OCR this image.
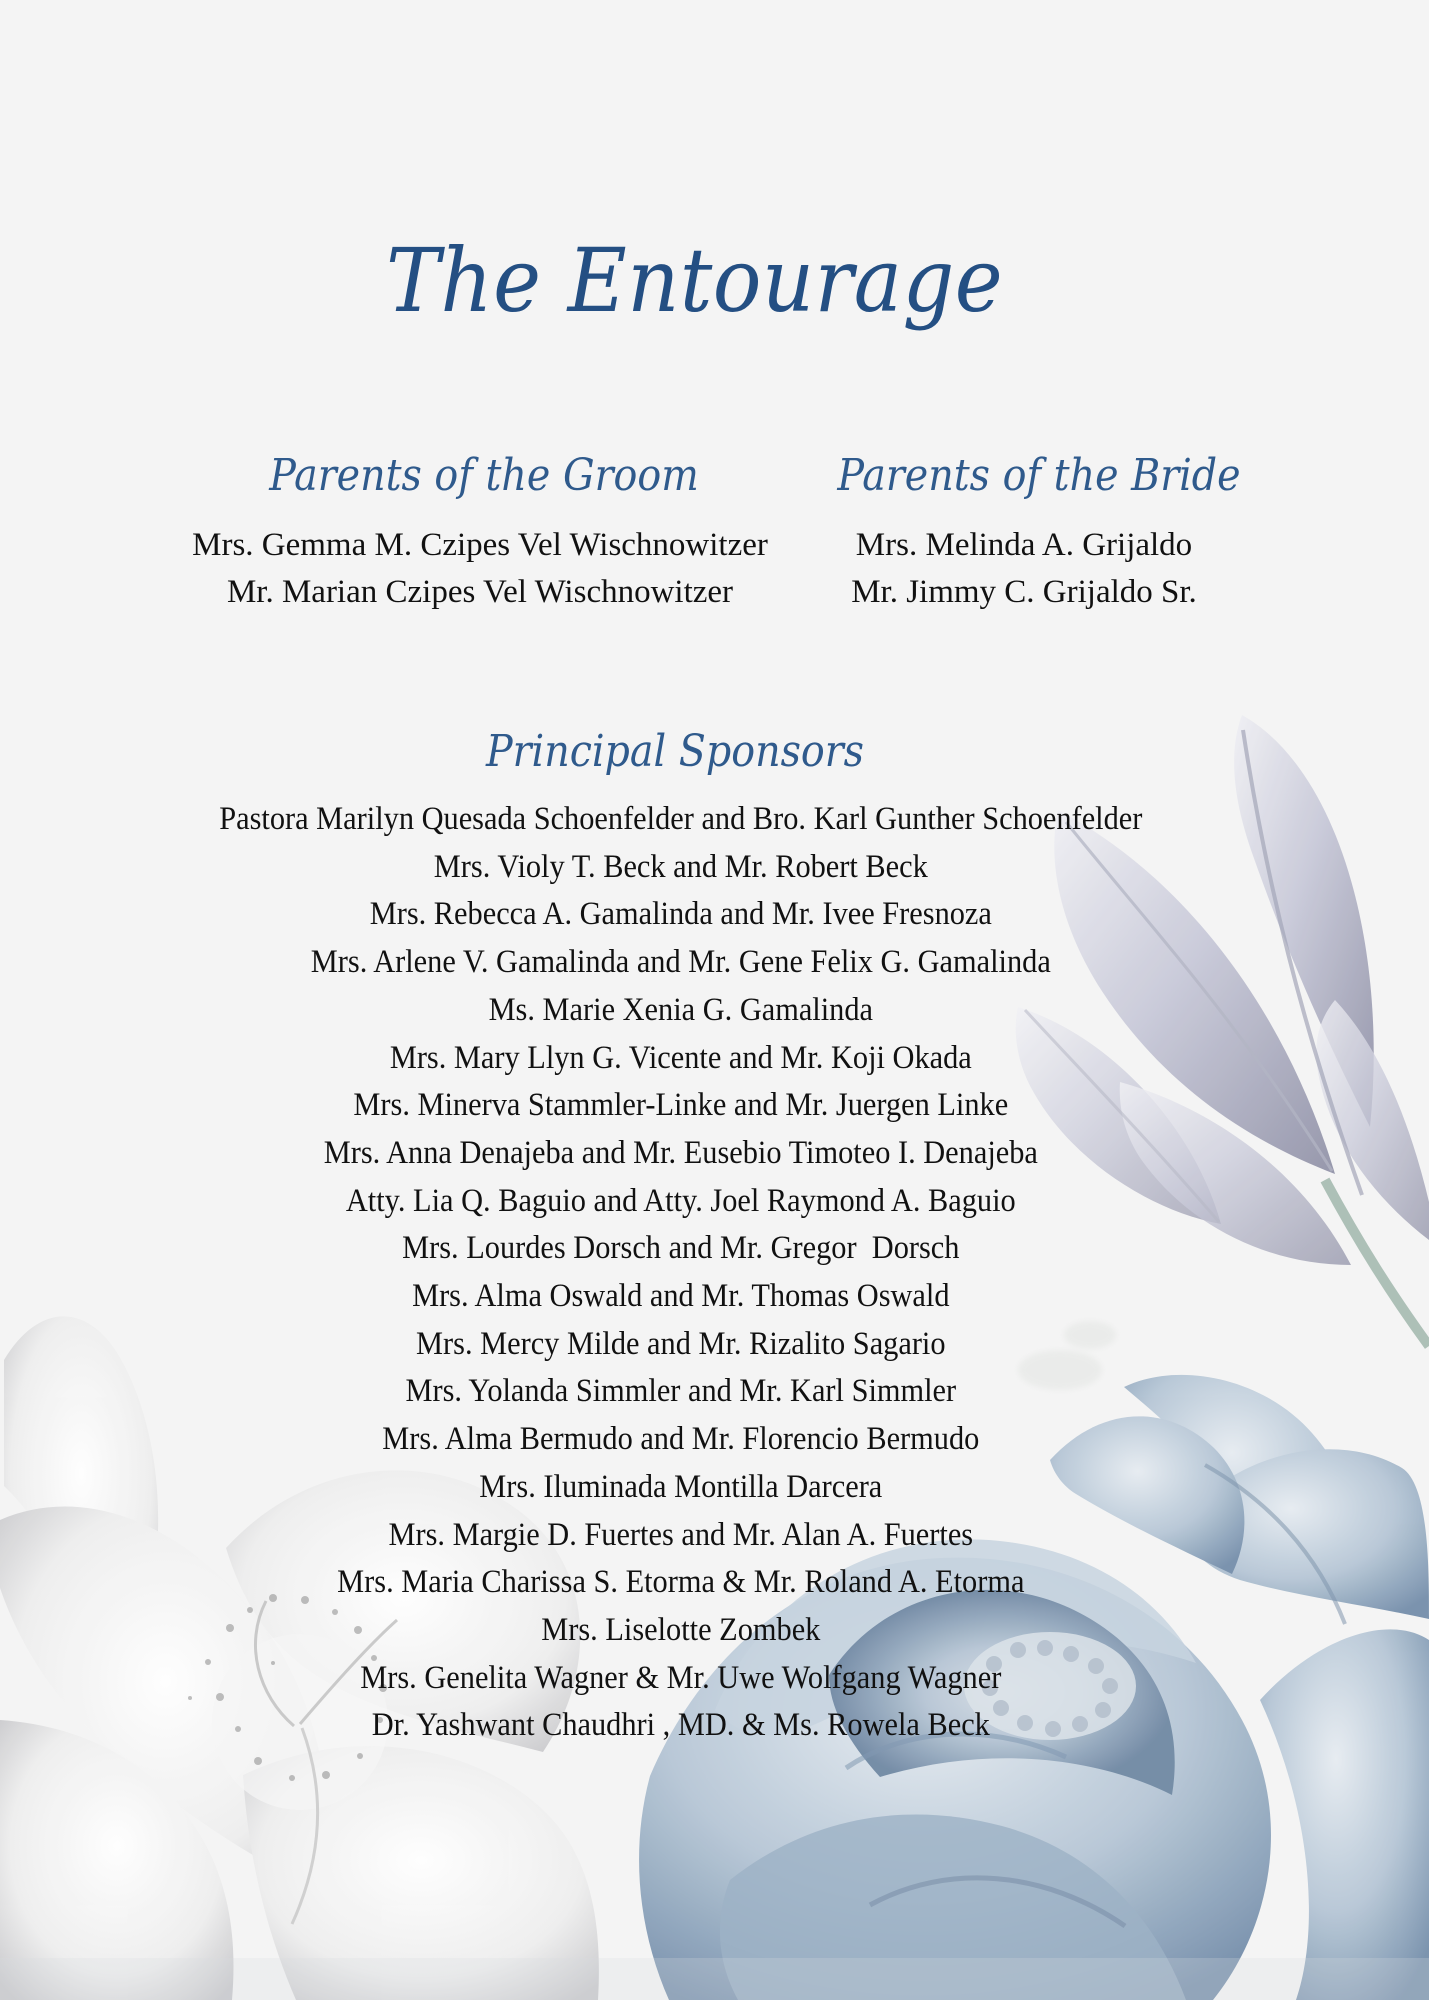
The Entourage
Parents of the Groom
Mrs. Gemma M. Czipes Vel Wischnowitzer
Mr. Marian Czipes Vel Wischnowitzer
Parents of the Bride
Mrs. Melinda A. Grijaldo
Mr. Jimmy C. Grijaldo Sr.
Principal Sponsors
Pastora Marilyn Quesada Schoenfelder and Bro. Karl Gunther Schoenfelder
Mrs. Violy T. Beck and Mr. Robert Beck
Mrs. Rebecca A. Gamalinda and Mr. Ivee Fresnoza
Mrs. Arlene V. Gamalinda and Mr. Gene Felix G. Gamalinda
Ms. Marie Xenia G. Gamalinda
Mrs. Mary Llyn G. Vicente and Mr. Koji Okada
Mrs. Minerva Stammler-Linke and Mr. Juergen Linke
Mrs. Anna Denajeba and Mr. Eusebio Timoteo I. Denajeba
Atty. Lia Q. Baguio and Atty. Joel Raymond A. Baguio
Mrs. Lourdes Dorsch and Mr. Gregor  Dorsch
Mrs. Alma Oswald and Mr. Thomas Oswald
Mrs. Mercy Milde and Mr. Rizalito Sagario
Mrs. Yolanda Simmler and Mr. Karl Simmler
Mrs. Alma Bermudo and Mr. Florencio Bermudo
Mrs. Iluminada Montilla Darcera
Mrs. Margie D. Fuertes and Mr. Alan A. Fuertes
Mrs. Maria Charissa S. Etorma & Mr. Roland A. Etorma
Mrs. Liselotte Zombek
Mrs. Genelita Wagner & Mr. Uwe Wolfgang Wagner
Dr. Yashwant Chaudhri , MD. & Ms. Rowela Beck
